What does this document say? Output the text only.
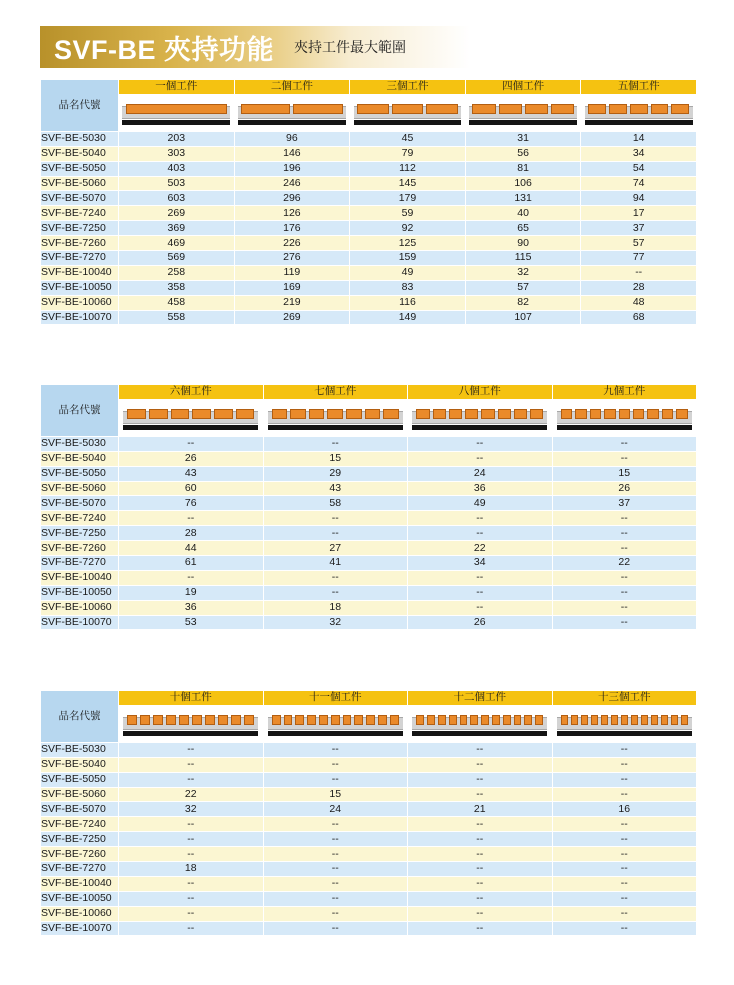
SVF-BE 夾持功能	夾持工件最大範圍
品名代號	一個工件	二個工件	三個工件	四個工件	五個工件

SVF-BE-5030	203	96	45	31	14
SVF-BE-5040	303	146	79	56	34
SVF-BE-5050	403	196	112	81	54
SVF-BE-5060	503	246	145	106	74
SVF-BE-5070	603	296	179	131	94
SVF-BE-7240	269	126	59	40	17
SVF-BE-7250	369	176	92	65	37
SVF-BE-7260	469	226	125	90	57
SVF-BE-7270	569	276	159	115	77
SVF-BE-10040	258	119	49	32	--
SVF-BE-10050	358	169	83	57	28
SVF-BE-10060	458	219	116	82	48
SVF-BE-10070	558	269	149	107	68
品名代號	六個工件	七個工件	八個工件	九個工件

SVF-BE-5030	--	--	--	--
SVF-BE-5040	26	15	--	--
SVF-BE-5050	43	29	24	15
SVF-BE-5060	60	43	36	26
SVF-BE-5070	76	58	49	37
SVF-BE-7240	--	--	--	--
SVF-BE-7250	28	--	--	--
SVF-BE-7260	44	27	22	--
SVF-BE-7270	61	41	34	22
SVF-BE-10040	--	--	--	--
SVF-BE-10050	19	--	--	--
SVF-BE-10060	36	18	--	--
SVF-BE-10070	53	32	26	--
品名代號	十個工件	十一個工件	十二個工件	十三個工件

SVF-BE-5030	--	--	--	--
SVF-BE-5040	--	--	--	--
SVF-BE-5050	--	--	--	--
SVF-BE-5060	22	15	--	--
SVF-BE-5070	32	24	21	16
SVF-BE-7240	--	--	--	--
SVF-BE-7250	--	--	--	--
SVF-BE-7260	--	--	--	--
SVF-BE-7270	18	--	--	--
SVF-BE-10040	--	--	--	--
SVF-BE-10050	--	--	--	--
SVF-BE-10060	--	--	--	--
SVF-BE-10070	--	--	--	--
